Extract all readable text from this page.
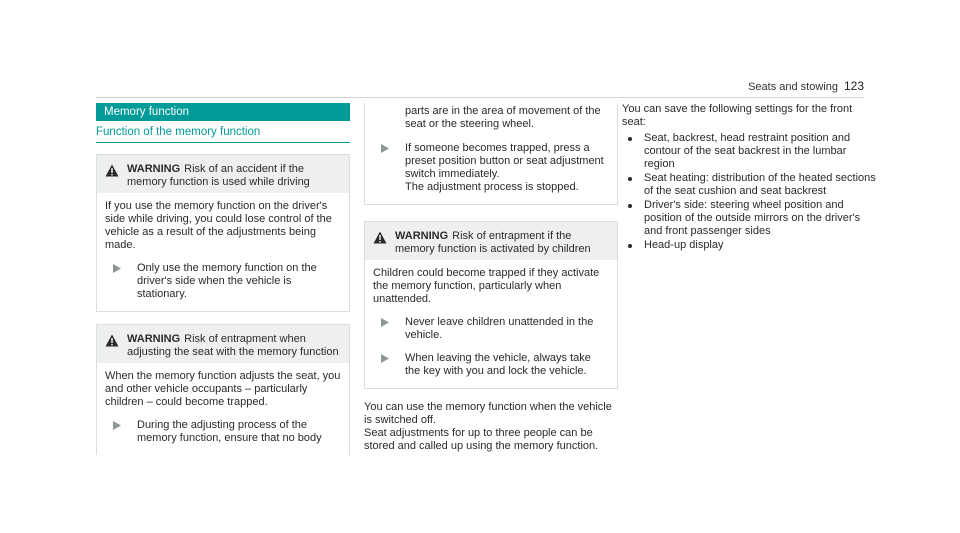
Seats and stowing 123
Memory function
Function of the memory function
WARNING Risk of an accident if the memory function is used while driving

If you use the memory function on the driver's side while driving, you could lose control of the vehicle as a result of the adjustments being made.

Only use the memory function on the driver's side when the vehicle is stationary.
WARNING Risk of entrapment when adjusting the seat with the memory function

When the memory function adjusts the seat, you and other vehicle occupants – particularly children – could become trapped.

During the adjusting process of the memory function, ensure that no body

parts are in the area of movement of the seat or the steering wheel.

If someone becomes trapped, press a preset position button or seat adjustment switch immediately.
The adjustment process is stopped.
WARNING Risk of entrapment if the memory function is activated by children

Children could become trapped if they activate the memory function, particularly when unattended.

Never leave children unattended in the vehicle.
When leaving the vehicle, always take the key with you and lock the vehicle.

You can use the memory function when the vehicle is switched off.

Seat adjustments for up to three people can be stored and called up using the memory function.

You can save the following settings for the front seat:

Seat, backrest, head restraint position and contour of the seat backrest in the lumbar region
Seat heating: distribution of the heated sections of the seat cushion and seat backrest
Driver's side: steering wheel position and position of the outside mirrors on the driver's and front passenger sides
Head-up display
